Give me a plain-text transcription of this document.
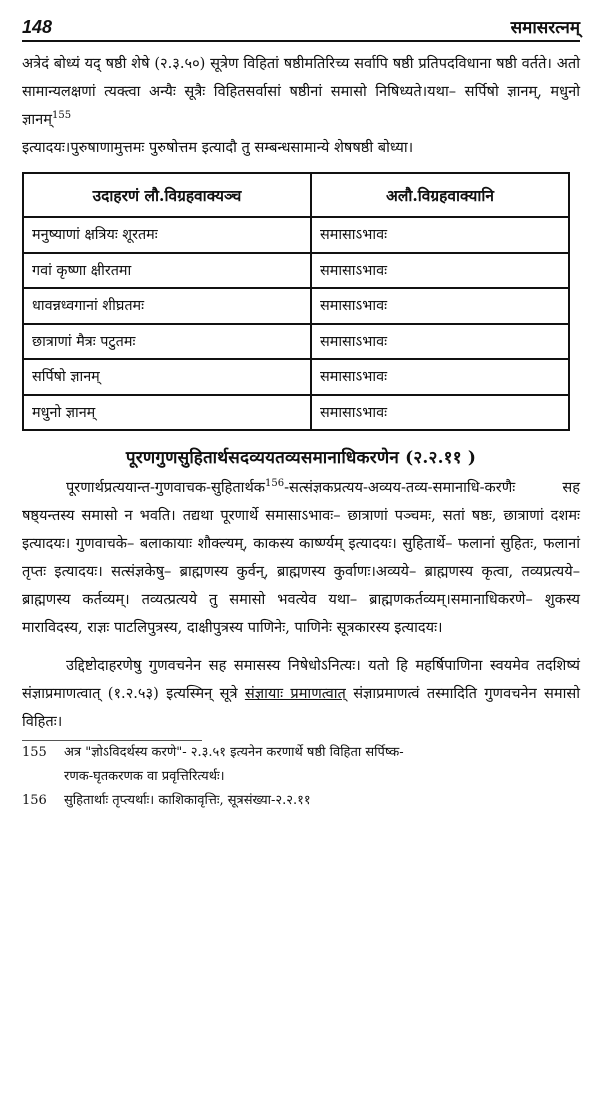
148	समासरत्नम्

अत्रेदं बोध्यं यद् षष्ठी शेषे (२.३.५०) सूत्रेण विहितां षष्ठीमतिरिच्य सर्वापि षष्ठी प्रतिपदविधाना षष्ठी वर्तते। अतो सामान्यलक्षणां त्यक्त्वा अन्यैः सूत्रैः विहितसर्वासां षष्ठीनां समासो निषिध्यते।यथा– सर्पिषो ज्ञानम्, मधुनो ज्ञानम्$^{155}$
इत्यादयः।पुरुषाणामुत्तमः पुरुषोत्तम इत्यादौ तु सम्बन्धसामान्ये शेषषष्ठी बोध्या।

उदाहरणं लौ.विग्रहवाक्यञ्च	अलौ.विग्रहवाक्यानि
मनुष्याणां क्षत्रियः शूरतमः	समासाऽभावः
गवां कृष्णा क्षीरतमा	समासाऽभावः
धावन्नध्वगानां शीघ्रतमः	समासाऽभावः
छात्राणां मैत्रः पटुतमः	समासाऽभावः
सर्पिषो ज्ञानम्	समासाऽभावः
मधुनो ज्ञानम्	समासाऽभावः
पूरणगुणसुहितार्थसदव्ययतव्यसमानाधिकरणेन (२.२.११ )

पूरणार्थप्रत्ययान्त-गुणवाचक-सुहितार्थक$^{156}$-सत्संज्ञकप्रत्यय-अव्यय-तव्य-समानाधि-करणैः सह षष्ठ्यन्तस्य समासो न भवति। तद्यथा पूरणार्थे समासाऽभावः– छात्राणां पञ्चमः, सतां षष्ठः, छात्राणां दशमः इत्यादयः। गुणवाचके– बलाकायाः शौक्ल्यम्, काकस्य कार्ष्ण्यम् इत्यादयः। सुहितार्थे– फलानां सुहितः, फलानां तृप्तः इत्यादयः। सत्संज्ञकेषु– ब्राह्मणस्य कुर्वन्, ब्राह्मणस्य कुर्वाणः।अव्यये– ब्राह्मणस्य कृत्वा, तव्यप्रत्यये– ब्राह्मणस्य कर्तव्यम्। तव्यत्प्रत्यये तु समासो भवत्येव यथा– ब्राह्मणकर्तव्यम्।समानाधिकरणे– शुकस्य माराविदस्य, राज्ञः पाटलिपुत्रस्य, दाक्षीपुत्रस्य पाणिनेः, पाणिनेः सूत्रकारस्य इत्यादयः।

उद्दिष्टोदाहरणेषु गुणवचनेन सह समासस्य निषेधोऽनित्यः। यतो हि महर्षिपाणिना स्वयमेव तदशिष्यं संज्ञाप्रमाणत्वात् (१.२.५३) इत्यस्मिन् सूत्रे संज्ञायाः प्रमाणत्वात् संज्ञाप्रमाणत्वं तस्मादिति गुणवचनेन समासो विहितः।

155	अत्र "ज्ञोऽविदर्थस्य करणे"- २.३.५१ इत्यनेन करणार्थे षष्ठी विहिता सर्पिष्क-
रणक-घृतकरणक वा प्रवृत्तिरित्यर्थः।
156	सुहितार्थाः तृप्त्यर्थाः। काशिकावृत्तिः, सूत्रसंख्या-२.२.११
